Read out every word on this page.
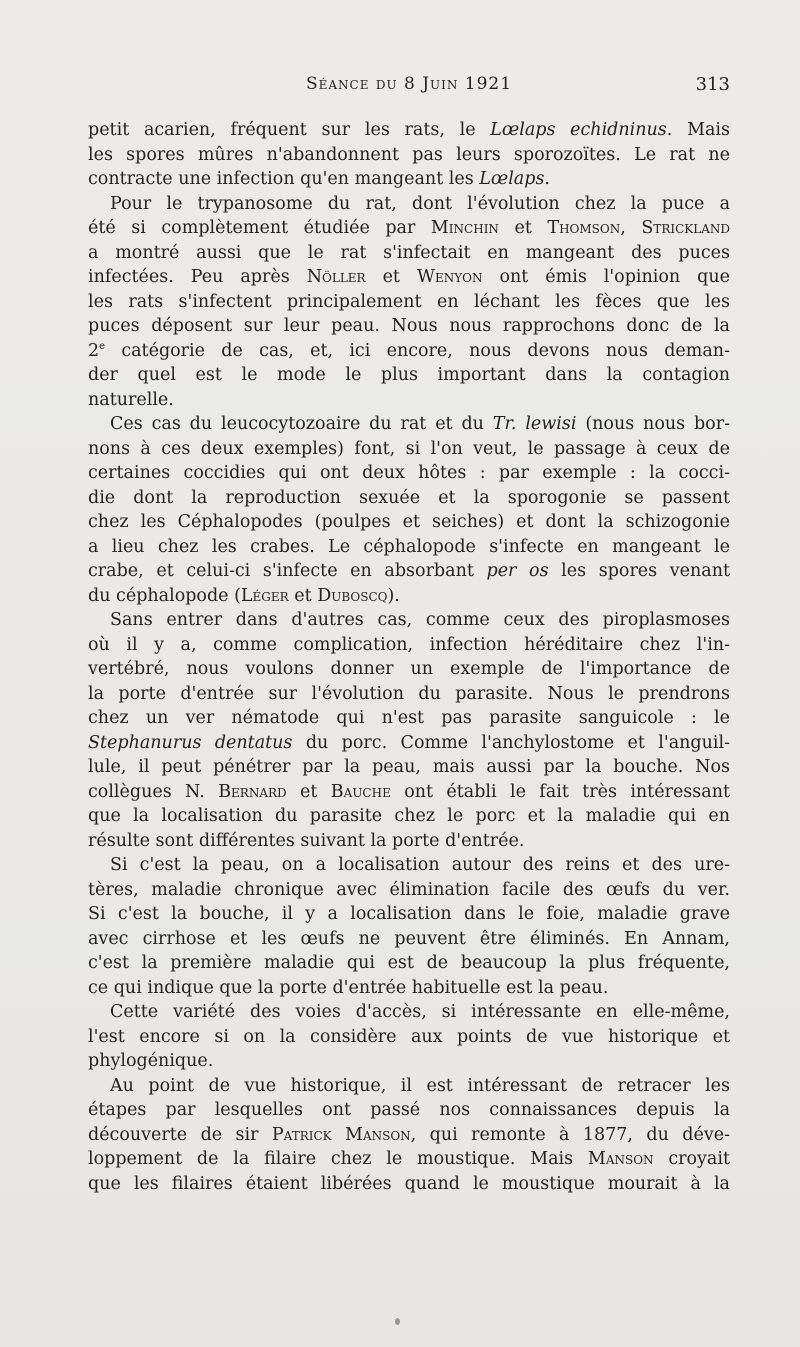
Séance du 8 Juin 1921	313
petit acarien, fréquent sur les rats, le Lœlaps echidninus. Mais
les spores mûres n'abandonnent pas leurs sporozoïtes. Le rat ne
contracte une infection qu'en mangeant les Lœlaps.
Pour le trypanosome du rat, dont l'évolution chez la puce a
été si complètement étudiée par Minchin et Thomson, Strickland
a montré aussi que le rat s'infectait en mangeant des puces
infectées. Peu après Nöller et Wenyon ont émis l'opinion que
les rats s'infectent principalement en léchant les fèces que les
puces déposent sur leur peau. Nous nous rapprochons donc de la
2e catégorie de cas, et, ici encore, nous devons nous deman-
der quel est le mode le plus important dans la contagion
naturelle.
Ces cas du leucocytozoaire du rat et du Tr. lewisi (nous nous bor-
nons à ces deux exemples) font, si l'on veut, le passage à ceux de
certaines coccidies qui ont deux hôtes : par exemple : la cocci-
die dont la reproduction sexuée et la sporogonie se passent
chez les Céphalopodes (poulpes et seiches) et dont la schizogonie
a lieu chez les crabes. Le céphalopode s'infecte en mangeant le
crabe, et celui-ci s'infecte en absorbant per os les spores venant
du céphalopode (Léger et Duboscq).
Sans entrer dans d'autres cas, comme ceux des piroplasmoses
où il y a, comme complication, infection héréditaire chez l'in-
vertébré, nous voulons donner un exemple de l'importance de
la porte d'entrée sur l'évolution du parasite. Nous le prendrons
chez un ver nématode qui n'est pas parasite sanguicole : le
Stephanurus dentatus du porc. Comme l'anchylostome et l'anguil-
lule, il peut pénétrer par la peau, mais aussi par la bouche. Nos
collègues N. Bernard et Bauche ont établi le fait très intéressant
que la localisation du parasite chez le porc et la maladie qui en
résulte sont différentes suivant la porte d'entrée.
Si c'est la peau, on a localisation autour des reins et des ure-
tères, maladie chronique avec élimination facile des œufs du ver.
Si c'est la bouche, il y a localisation dans le foie, maladie grave
avec cirrhose et les œufs ne peuvent être éliminés. En Annam,
c'est la première maladie qui est de beaucoup la plus fréquente,
ce qui indique que la porte d'entrée habituelle est la peau.
Cette variété des voies d'accès, si intéressante en elle-même,
l'est encore si on la considère aux points de vue historique et
phylogénique.
Au point de vue historique, il est intéressant de retracer les
étapes par lesquelles ont passé nos connaissances depuis la
découverte de sir Patrick Manson, qui remonte à 1877, du déve-
loppement de la filaire chez le moustique. Mais Manson croyait
que les filaires étaient libérées quand le moustique mourait à la
